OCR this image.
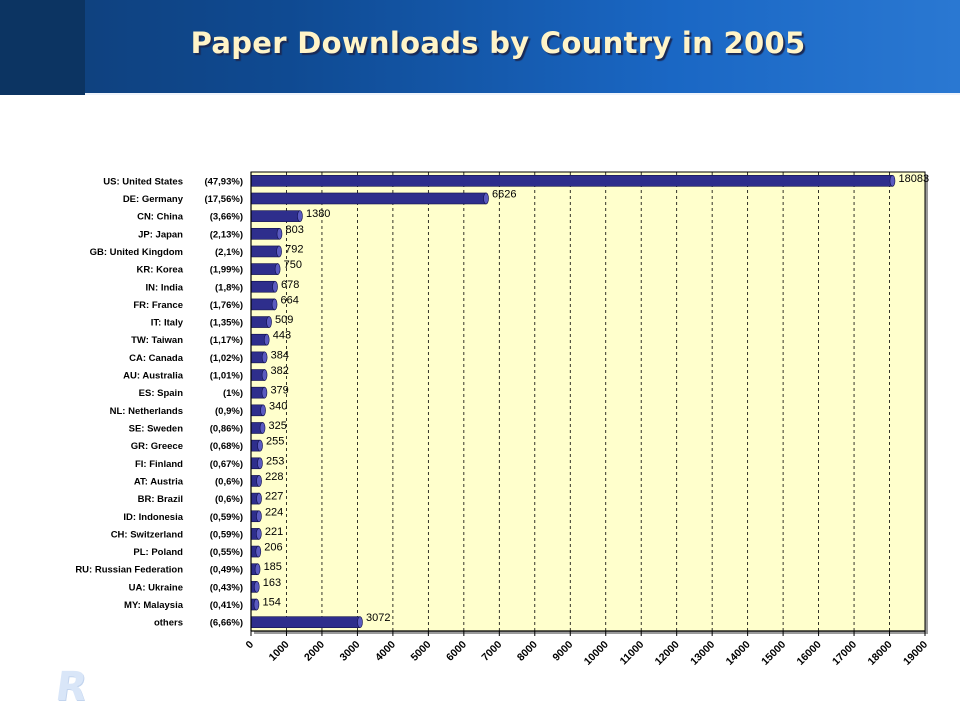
Paper Downloads by Country in 2005
0 1000 2000 3000 4000 5000 6000 7000 8000 9000 10000 11000 12000 13000 14000 15000 16000 17000 18000 19000
18083
US: United States (47,93%)
6626
DE: Germany (17,56%)
1380
CN: China	(3,66%)
803
JP: Japan	(2,13%)
792
GB: United Kingdom	(2,1%)
750
KR: Korea	(1,99%)
678
IN: India	(1,8%)
664
FR: France	(1,76%)
509
IT: Italy	(1,35%)
443
TW: Taiwan	(1,17%)
384
CA: Canada	(1,02%)
382
AU: Australia	(1,01%)
379
ES: Spain	(1%)
340
NL: Netherlands	(0,9%)
325
SE: Sweden	(0,86%)
255
GR: Greece	(0,68%)
253
FI: Finland	(0,67%)
228
AT: Austria	(0,6%)
227
BR: Brazil	(0,6%)
224
ID: Indonesia	(0,59%)
221
CH: Switzerland	(0,59%)
206
PL: Poland	(0,55%)
185
RU: Russian Federation	(0,49%)
163
UA: Ukraine	(0,43%)
154
MY: Malaysia	(0,41%)
3072
others	(6,66%)
R
